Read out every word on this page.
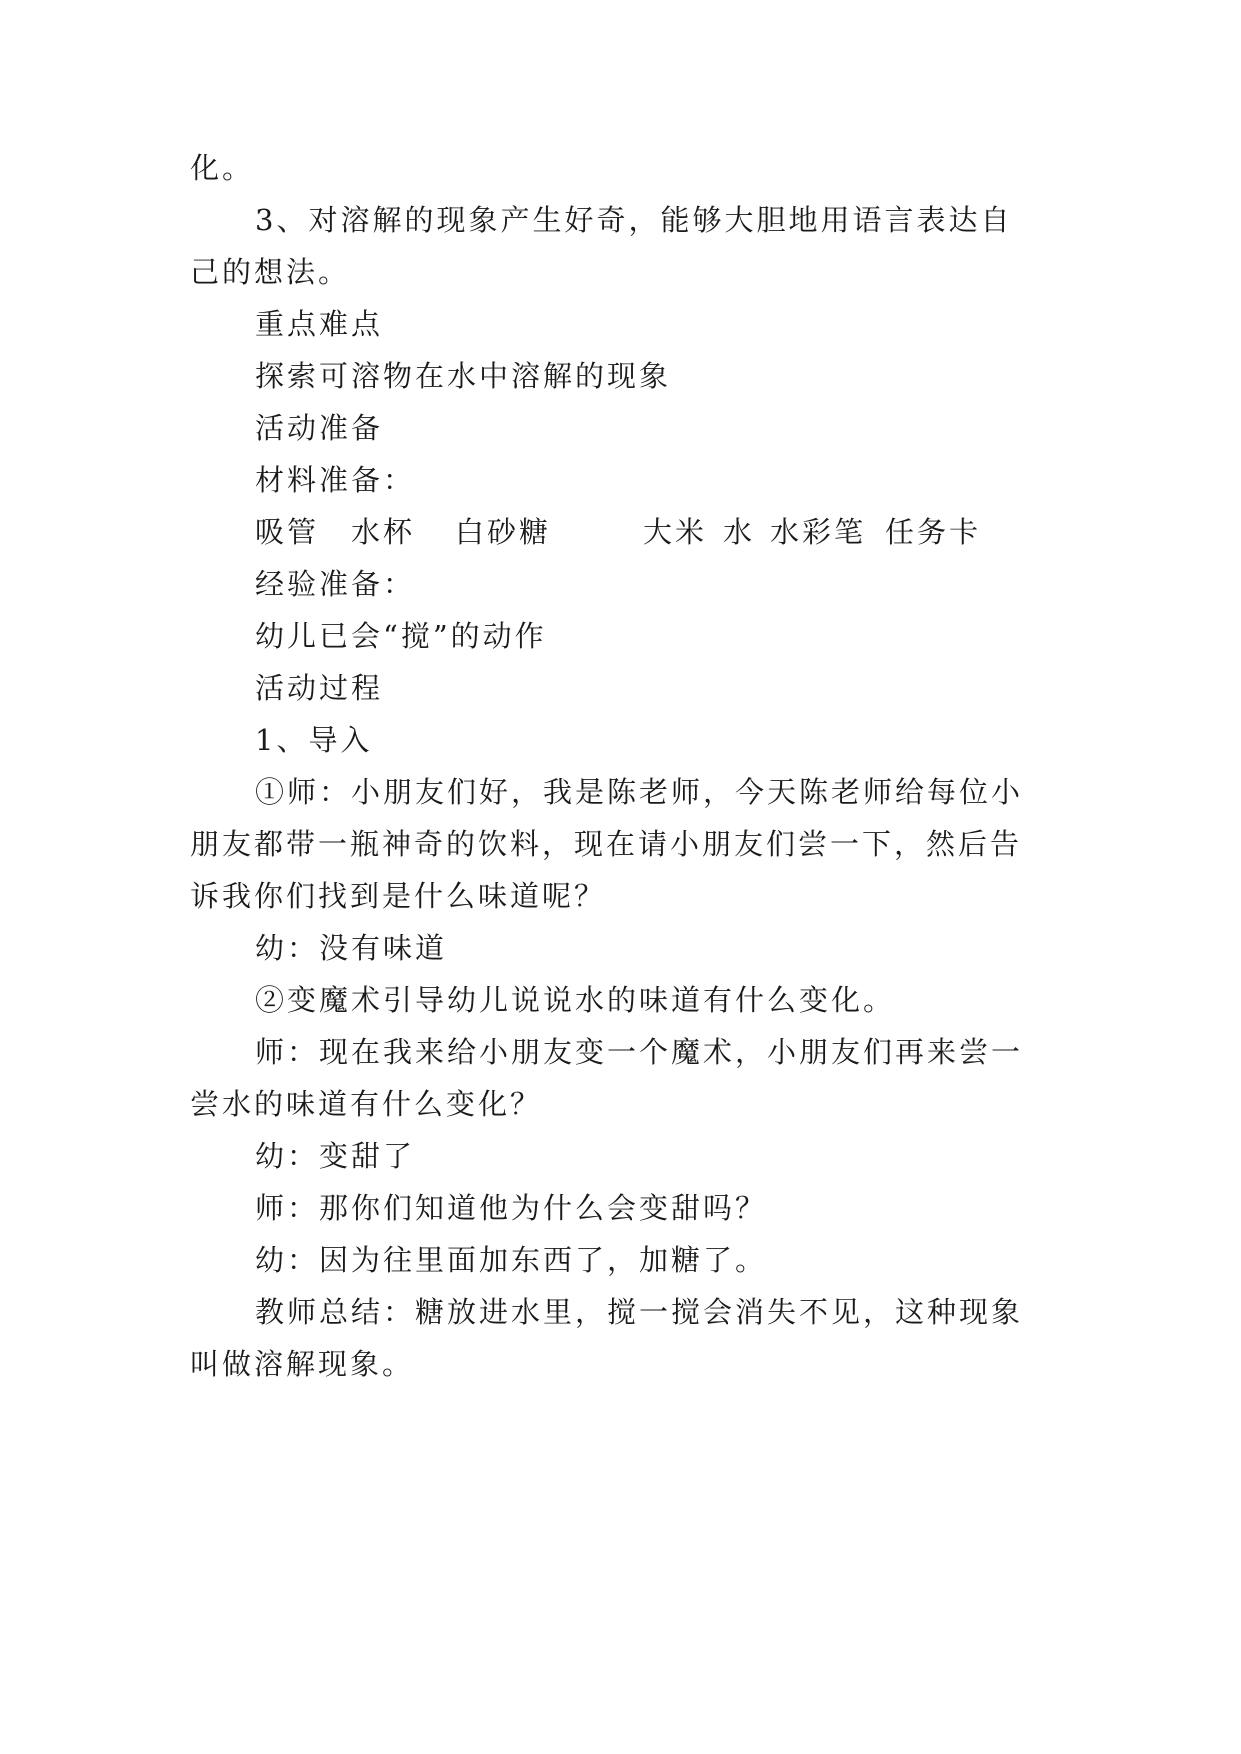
化。
3、对溶解的现象产生好奇，能够大胆地用语言表达自
己的想法。
重点难点
探索可溶物在水中溶解的现象
活动准备
材料准备：
吸管 水杯 白砂糖	大米 水 水彩笔 任务卡
经验准备：
幼儿已会“搅”的动作
活动过程
1、导入
①师：小朋友们好，我是陈老师，今天陈老师给每位小
朋友都带一瓶神奇的饮料，现在请小朋友们尝一下，然后告
诉我你们找到是什么味道呢？
幼：没有味道
②变魔术引导幼儿说说水的味道有什么变化。
师：现在我来给小朋友变一个魔术，小朋友们再来尝一
尝水的味道有什么变化？
幼：变甜了
师：那你们知道他为什么会变甜吗？
幼：因为往里面加东西了，加糖了。
教师总结：糖放进水里，搅一搅会消失不见，这种现象
叫做溶解现象。
